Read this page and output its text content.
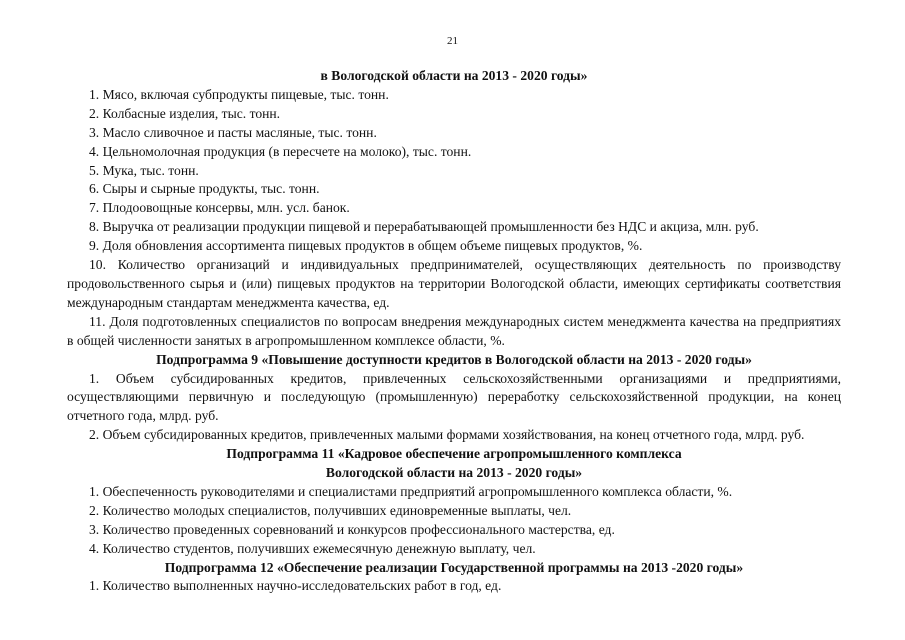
21
в Вологодской области на 2013 - 2020 годы»
1. Мясо, включая субпродукты пищевые, тыс. тонн.
2. Колбасные изделия, тыс. тонн.
3. Масло сливочное и пасты масляные, тыс. тонн.
4. Цельномолочная продукция (в пересчете на молоко), тыс. тонн.
5. Мука, тыс. тонн.
6. Сыры и сырные продукты, тыс. тонн.
7. Плодоовощные консервы, млн. усл. банок.
8. Выручка от реализации продукции пищевой и перерабатывающей промышленности без НДС и акциза, млн. руб.
9. Доля обновления ассортимента пищевых продуктов в общем объеме пищевых продуктов, %.
10. Количество организаций и индивидуальных предпринимателей, осуществляющих деятельность по производству продовольственного сырья и (или) пищевых продуктов на территории Вологодской области, имеющих сертификаты соответствия международным стандартам менеджмента качества, ед.
11. Доля подготовленных специалистов по вопросам внедрения международных систем менеджмента качества на предприятиях в общей численности занятых в агропромышленном комплексе области, %.
Подпрограмма 9 «Повышение доступности кредитов в Вологодской области на 2013 - 2020 годы»
1. Объем субсидированных кредитов, привлеченных сельскохозяйственными организациями и предприятиями, осуществляющими первичную и последующую (промышленную) переработку сельскохозяйственной продукции, на конец отчетного года, млрд. руб.
2. Объем субсидированных кредитов, привлеченных малыми формами хозяйствования, на конец отчетного года, млрд. руб.
Подпрограмма 11 «Кадровое обеспечение агропромышленного комплекса
Вологодской области на 2013 - 2020 годы»
1. Обеспеченность руководителями и специалистами предприятий агропромышленного комплекса области, %.
2. Количество молодых специалистов, получивших единовременные выплаты, чел.
3. Количество проведенных соревнований и конкурсов профессионального мастерства, ед.
4. Количество студентов, получивших ежемесячную денежную выплату, чел.
Подпрограмма 12 «Обеспечение реализации Государственной программы на 2013 -2020 годы»
1. Количество выполненных научно-исследовательских работ в год, ед.
